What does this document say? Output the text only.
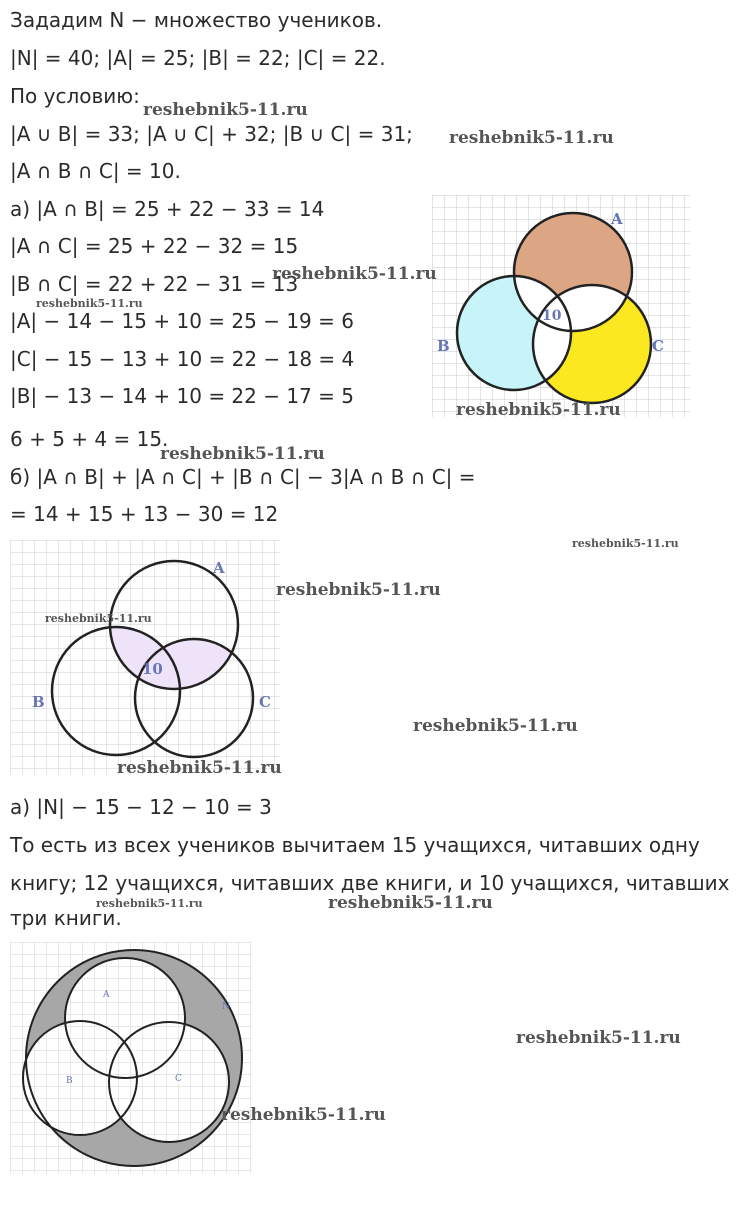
Зададим N − множество учеников.
|N| = 40; |A| = 25; |B| = 22; |C| = 22.
По условию:
|A ∪ B| = 33; |A ∪ C| + 32; |B ∪ C| = 31;
|A ∩ B ∩ C| = 10.
а) |A ∩ B| = 25 + 22 − 33 = 14
|A ∩ C| = 25 + 22 − 32 = 15
|B ∩ C| = 22 + 22 − 31 = 13
|A| − 14 − 15 + 10 = 25 − 19 = 6
|C| − 15 − 13 + 10 = 22 − 18 = 4
|B| − 13 − 14 + 10 = 22 − 17 = 5
6 + 5 + 4 = 15.
б) |A ∩ B| + |A ∩ C| + |B ∩ C| − 3|A ∩ B ∩ C| =
= 14 + 15 + 13 − 30 = 12
а) |N| − 15 − 12 − 10 = 3
То есть из всех учеников вычитаем 15 учащихся, читавших одну
книгу; 12 учащихся, читавших две книги, и 10 учащихся, читавших
три книги.
A
B	C
10
A
B	C
10
A
B	C
N
reshebnik5-11.ru
reshebnik5-11.ru
reshebnik5-11.ru
reshebnik5-11.ru
reshebnik5-11.ru
reshebnik5-11.ru
reshebnik5-11.ru
reshebnik5-11.ru
reshebnik5-11.ru
reshebnik5-11.ru
reshebnik5-11.ru
reshebnik5-11.ru	reshebnik5-11.ru
reshebnik5-11.ru
reshebnik5-11.ru
